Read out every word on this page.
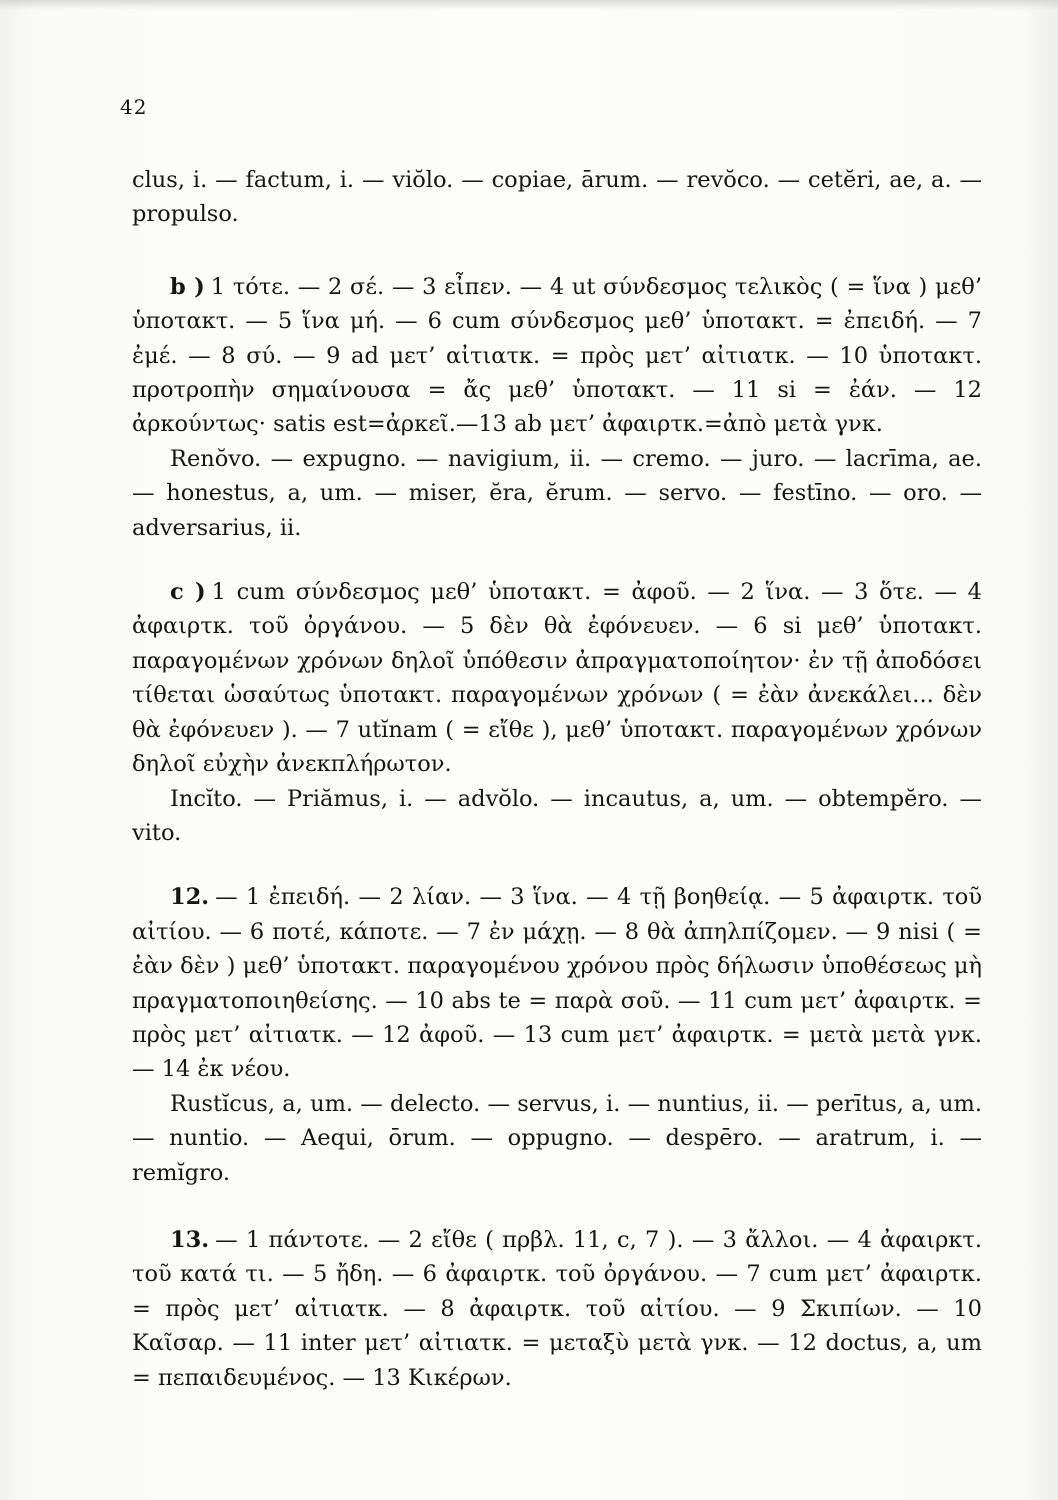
42

clus, i. — factum, i. — viŏlo. — copiae, ārum. — revŏco. — cetĕri, ae, a. — propulso.

b ) 1 τότε. — 2 σέ. — 3 εἶπεν. — 4 ut σύνδεσμος τελικὸς ( = ἵνα ) μεθ’ ὑποτακτ. — 5 ἵνα μή. — 6 cum σύνδεσμος μεθ’ ὑποτακτ. = ἐπειδή. — 7 ἐμέ. — 8 σύ. — 9 ad μετ’ αἰτιατκ. = πρὸς μετ’ αἰτιατκ. — 10 ὑποτακτ. προτροπὴν σημαίνουσα = ἄς μεθ’ ὑποτακτ. — 11 si = ἐάν. — 12 ἀρκούντως· satis est=ἀρκεῖ.—13 ab μετ’ ἀφαιρτκ.=ἀπὸ μετὰ γνκ.

Renŏvo. — expugno. — navigium, ii. — cremo. — juro. — lacrīma, ae. — honestus, a, um. — miser, ĕra, ĕrum. — servo. — festīno. — oro. — adversarius, ii.

c ) 1 cum σύνδεσμος μεθ’ ὑποτακτ. = ἀφοῦ. — 2 ἵνα. — 3 ὅτε. — 4 ἀφαιρτκ. τοῦ ὀργάνου. — 5 δὲν θὰ ἐφόνευεν. — 6 si μεθ’ ὑποτακτ. παραγομένων χρόνων δηλοῖ ὑπόθεσιν ἀπραγματοποίητον· ἐν τῇ ἀποδόσει τίθεται ὡσαύτως ὑποτακτ. παραγομένων χρόνων ( = ἐὰν ἀνεκάλει... δὲν θὰ ἐφόνευεν ). — 7 utĭnam ( = εἴθε ), μεθ’ ὑποτακτ. παραγομένων χρόνων δηλοῖ εὐχὴν ἀνεκπλήρωτον.

Incĭto. — Priămus, i. — advŏlo. — incautus, a, um. — obtempĕro. — vito.

12. — 1 ἐπειδή. — 2 λίαν. — 3 ἵνα. — 4 τῇ βοηθείᾳ. — 5 ἀφαιρτκ. τοῦ αἰτίου. — 6 ποτέ, κάποτε. — 7 ἐν μάχῃ. — 8 θὰ ἀπηλπίζομεν. — 9 nisi ( = ἐὰν δὲν ) μεθ’ ὑποτακτ. παραγομένου χρόνου πρὸς δήλωσιν ὑποθέσεως μὴ πραγματοποιηθείσης. — 10 abs te = παρὰ σοῦ. — 11 cum μετ’ ἀφαιρτκ. = πρὸς μετ’ αἰτιατκ. — 12 ἀφοῦ. — 13 cum μετ’ ἀφαιρτκ. = μετὰ μετὰ γνκ. — 14 ἐκ νέου.

Rustĭcus, a, um. — delecto. — servus, i. — nuntius, ii. — perītus, a, um. — nuntio. — Aequi, ōrum. — oppugno. — despēro. — aratrum, i. — remĭgro.

13. — 1 πάντοτε. — 2 εἴθε ( πρβλ. 11, c, 7 ). — 3 ἄλλοι. — 4 ἀφαιρκτ. τοῦ κατά τι. — 5 ἤδη. — 6 ἀφαιρτκ. τοῦ ὀργάνου. — 7 cum μετ’ ἀφαιρτκ. = πρὸς μετ’ αἰτιατκ. — 8 ἀφαιρτκ. τοῦ αἰτίου. — 9 Σκιπίων. — 10 Καῖσαρ. — 11 inter μετ’ αἰτιατκ. = μεταξὺ μετὰ γνκ. — 12 doctus, a, um = πεπαιδευμένος. — 13 Κικέρων.
